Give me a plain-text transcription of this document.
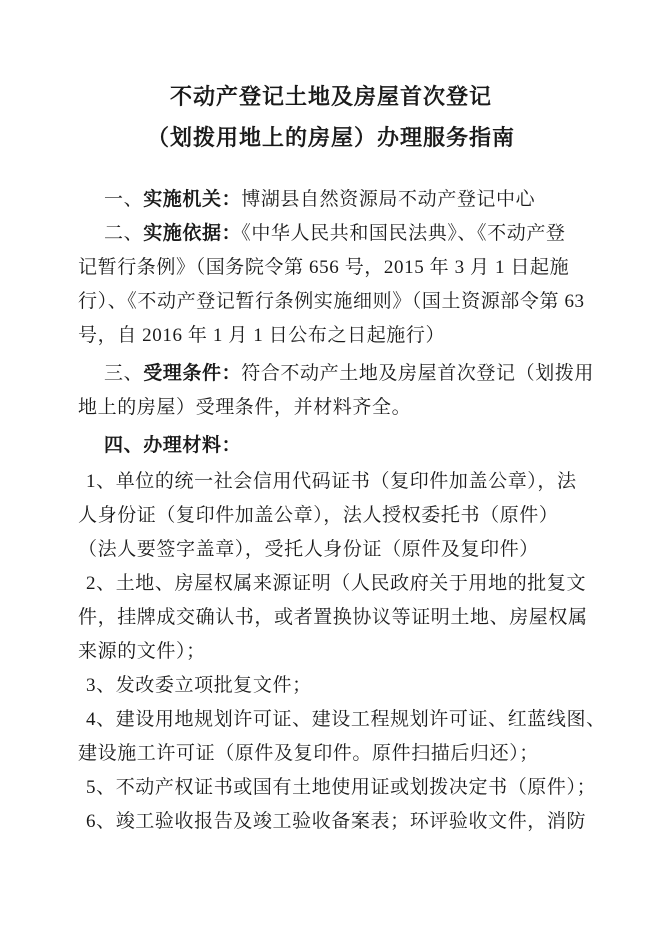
不动产登记土地及房屋首次登记
（划拨用地上的房屋）办理服务指南

一、实施机关：博湖县自然资源局不动产登记中心

二、实施依据：《中华人民共和国民法典》、《不动产登

记暂行条例》（国务院令第 656 号，2015 年 3 月 1 日起施

行）、《不动产登记暂行条例实施细则》（国土资源部令第 63

号，自 2016 年 1 月 1 日公布之日起施行）

三、受理条件：符合不动产土地及房屋首次登记（划拨用

地上的房屋）受理条件，并材料齐全。

四、办理材料：

1、单位的统一社会信用代码证书（复印件加盖公章），法

人身份证（复印件加盖公章），法人授权委托书（原件）

（法人要签字盖章），受托人身份证（原件及复印件）

2、土地、房屋权属来源证明（人民政府关于用地的批复文

件，挂牌成交确认书，或者置换协议等证明土地、房屋权属

来源的文件）；

3、发改委立项批复文件；

4、建设用地规划许可证、建设工程规划许可证、红蓝线图、

建设施工许可证（原件及复印件。原件扫描后归还）；

5、不动产权证书或国有土地使用证或划拨决定书（原件）；

6、竣工验收报告及竣工验收备案表；环评验收文件，消防
